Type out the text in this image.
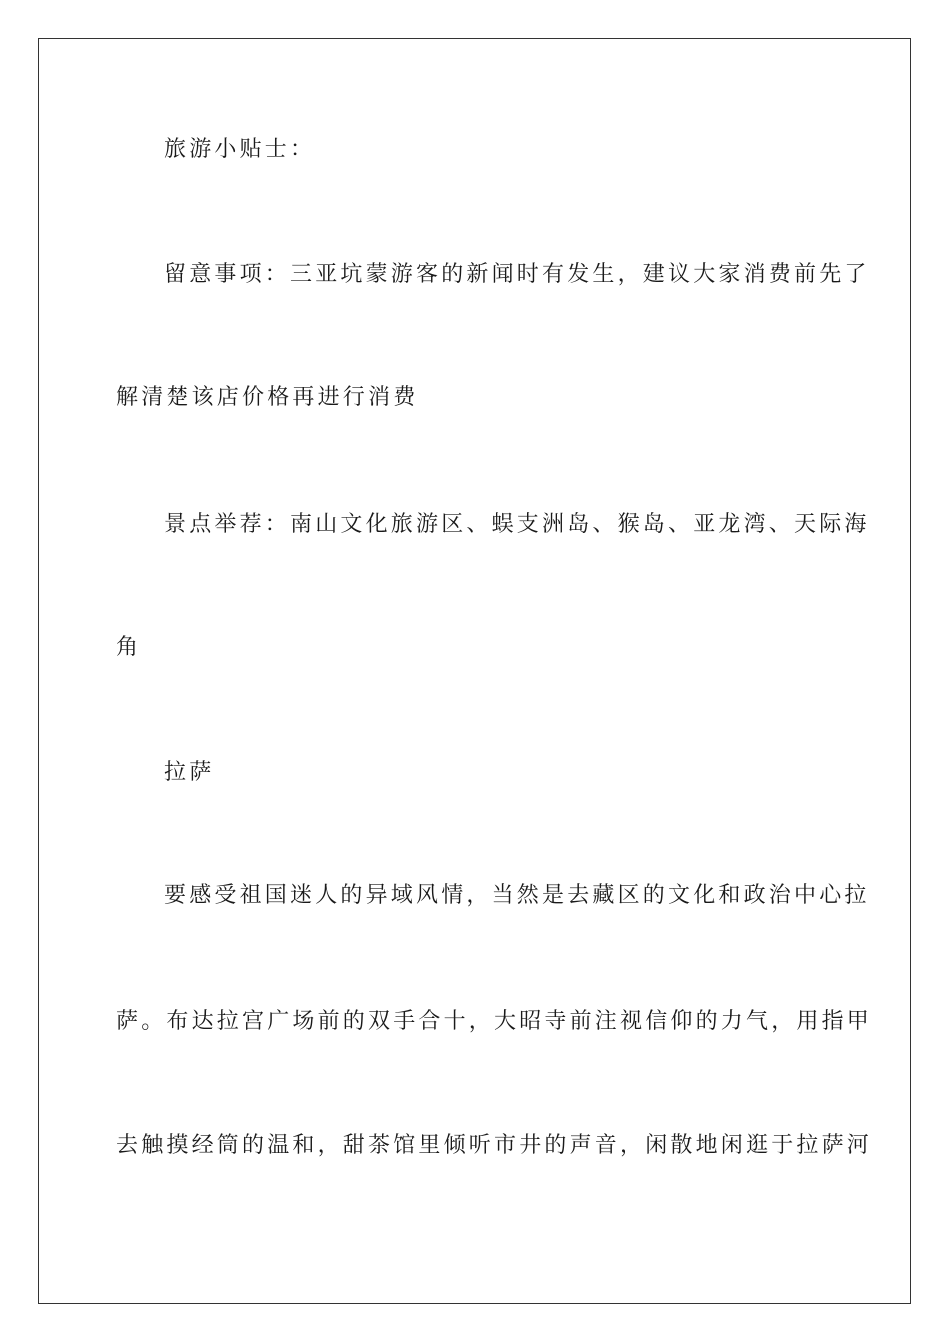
旅游小贴士：
留意事项：三亚坑蒙游客的新闻时有发生，建议大家消费前先了
解清楚该店价格再进行消费
景点举荐：南山文化旅游区、蜈支洲岛、猴岛、亚龙湾、天际海
角
拉萨
要感受祖国迷人的异域风情，当然是去藏区的文化和政治中心拉
萨。布达拉宫广场前的双手合十，大昭寺前注视信仰的力气，用指甲
去触摸经筒的温和，甜茶馆里倾听市井的声音，闲散地闲逛于拉萨河
